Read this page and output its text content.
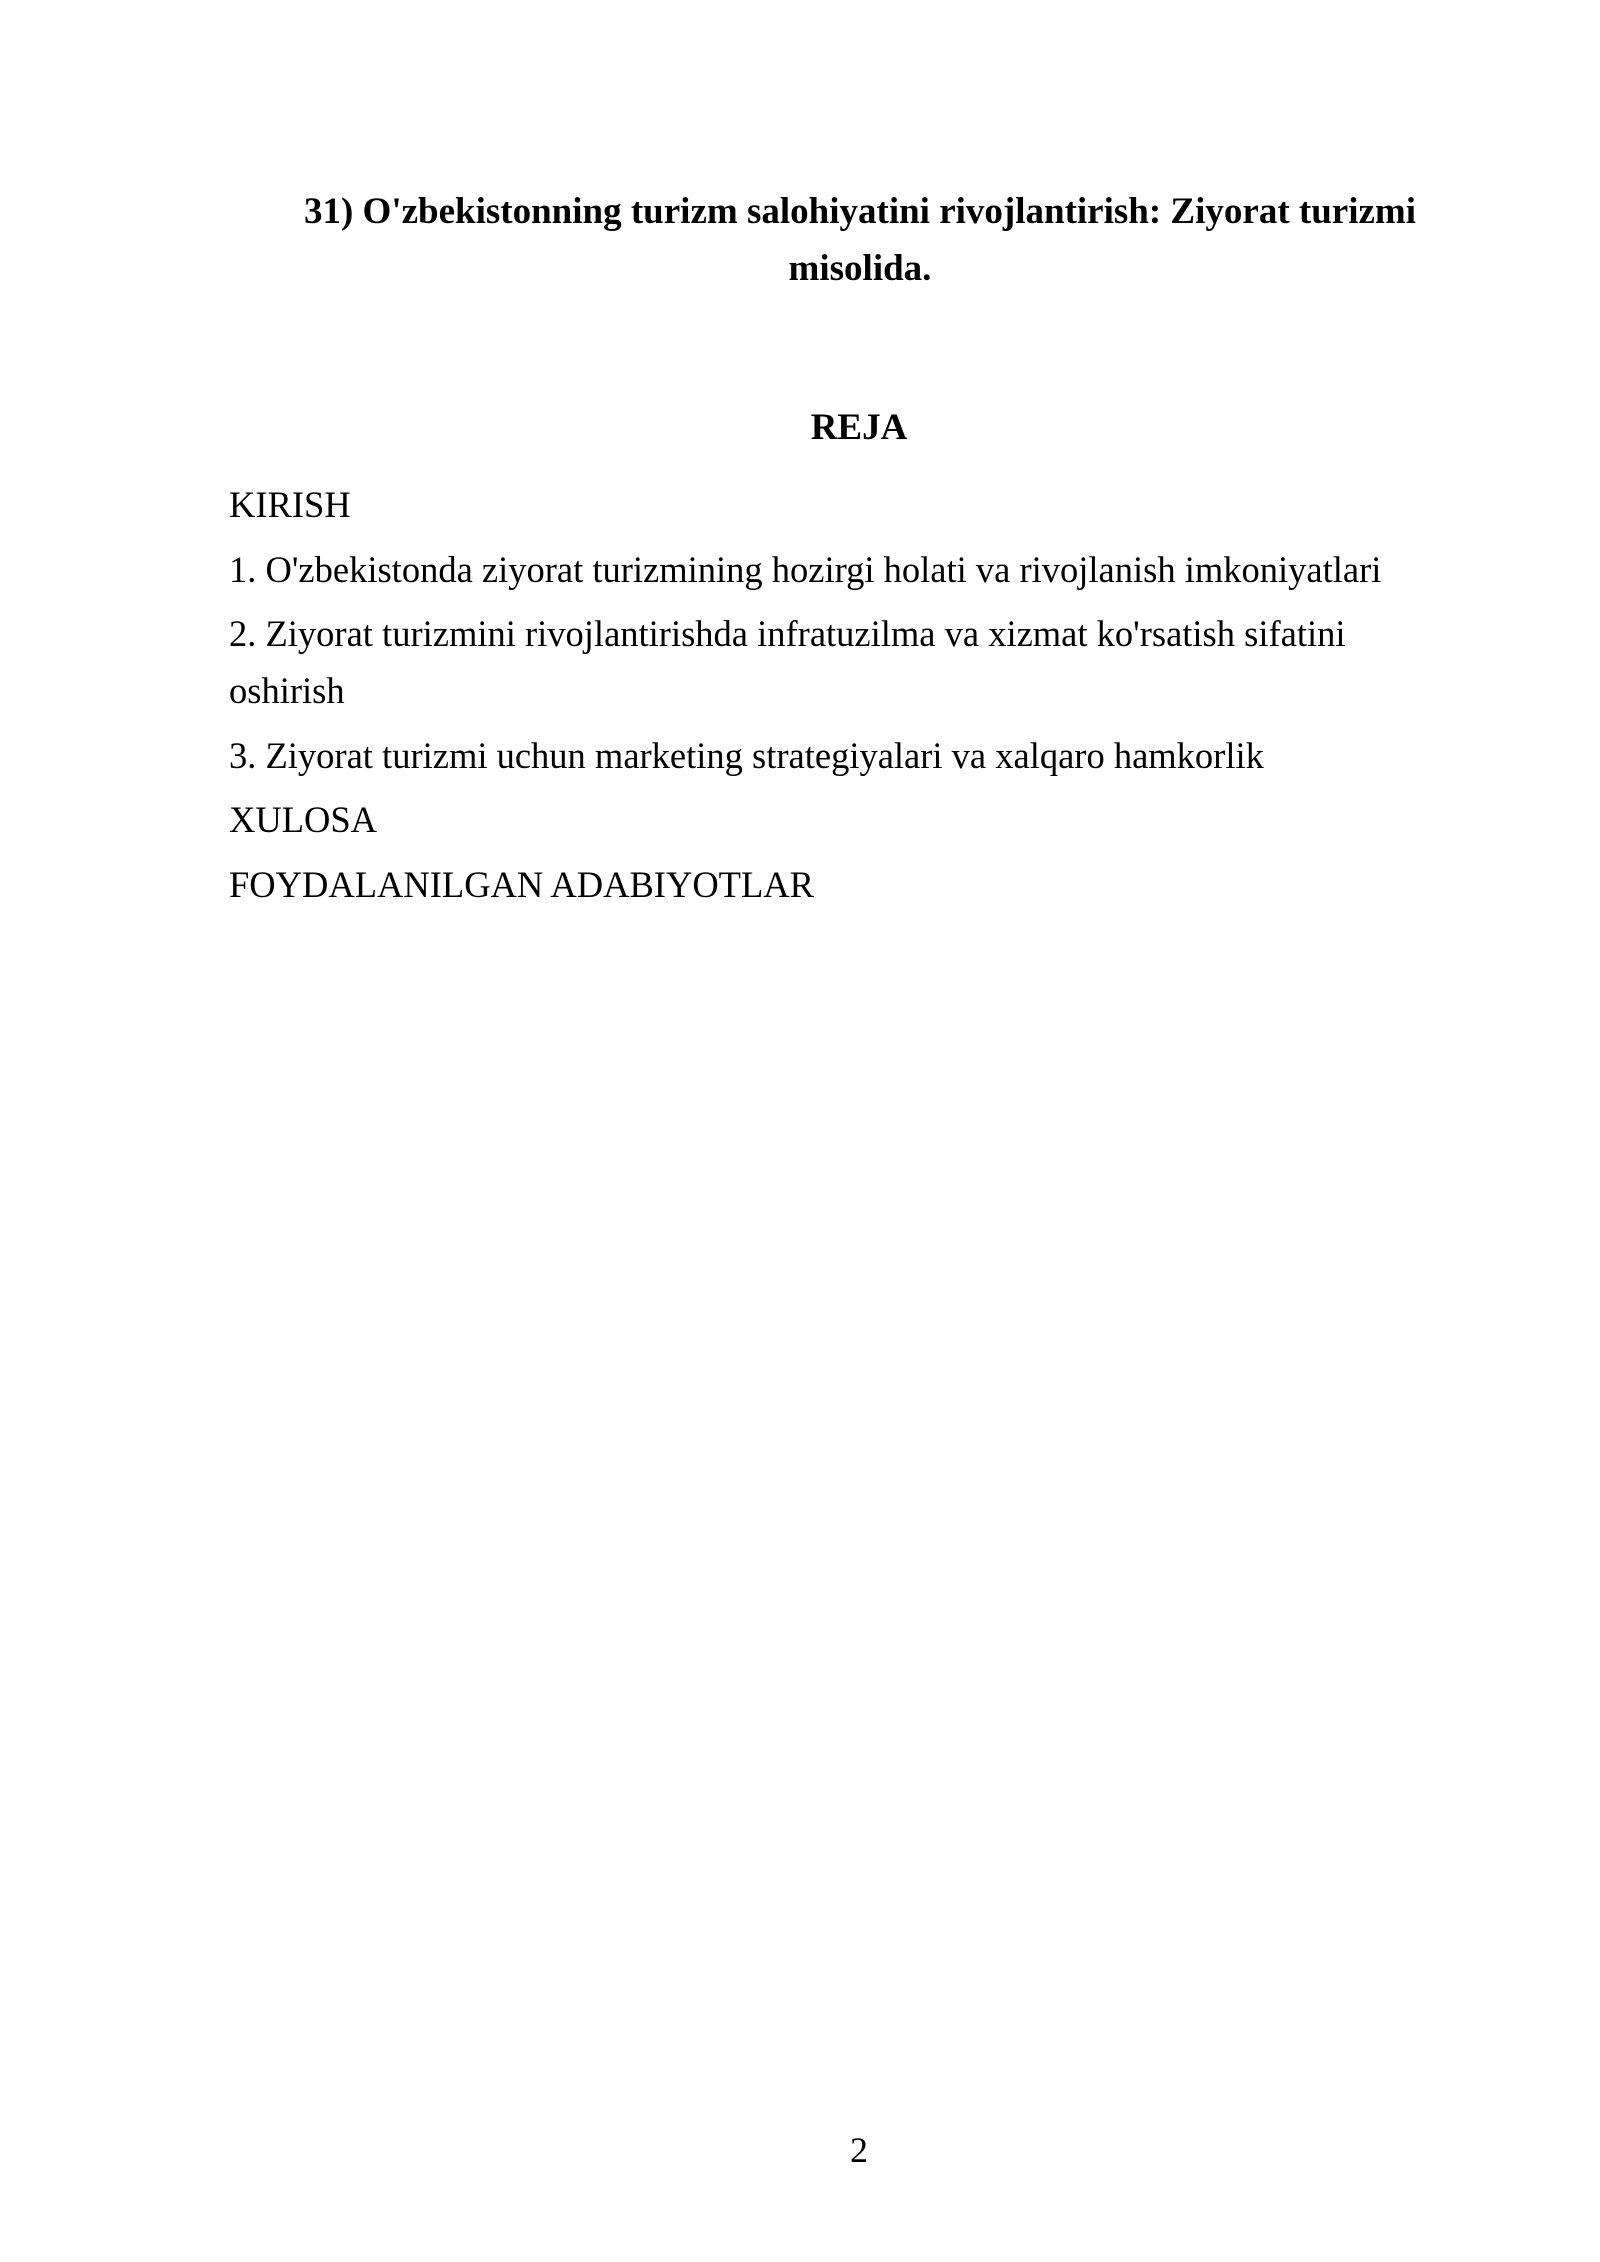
31) O'zbekistonning turizm salohiyatini rivojlantirish: Ziyorat turizmi
misolida.
REJA
KIRISH
1. O'zbekistonda ziyorat turizmining hozirgi holati va rivojlanish imkoniyatlari
2. Ziyorat turizmini rivojlantirishda infratuzilma va xizmat ko'rsatish sifatini
oshirish
3. Ziyorat turizmi uchun marketing strategiyalari va xalqaro hamkorlik
XULOSA
FOYDALANILGAN ADABIYOTLAR
2
